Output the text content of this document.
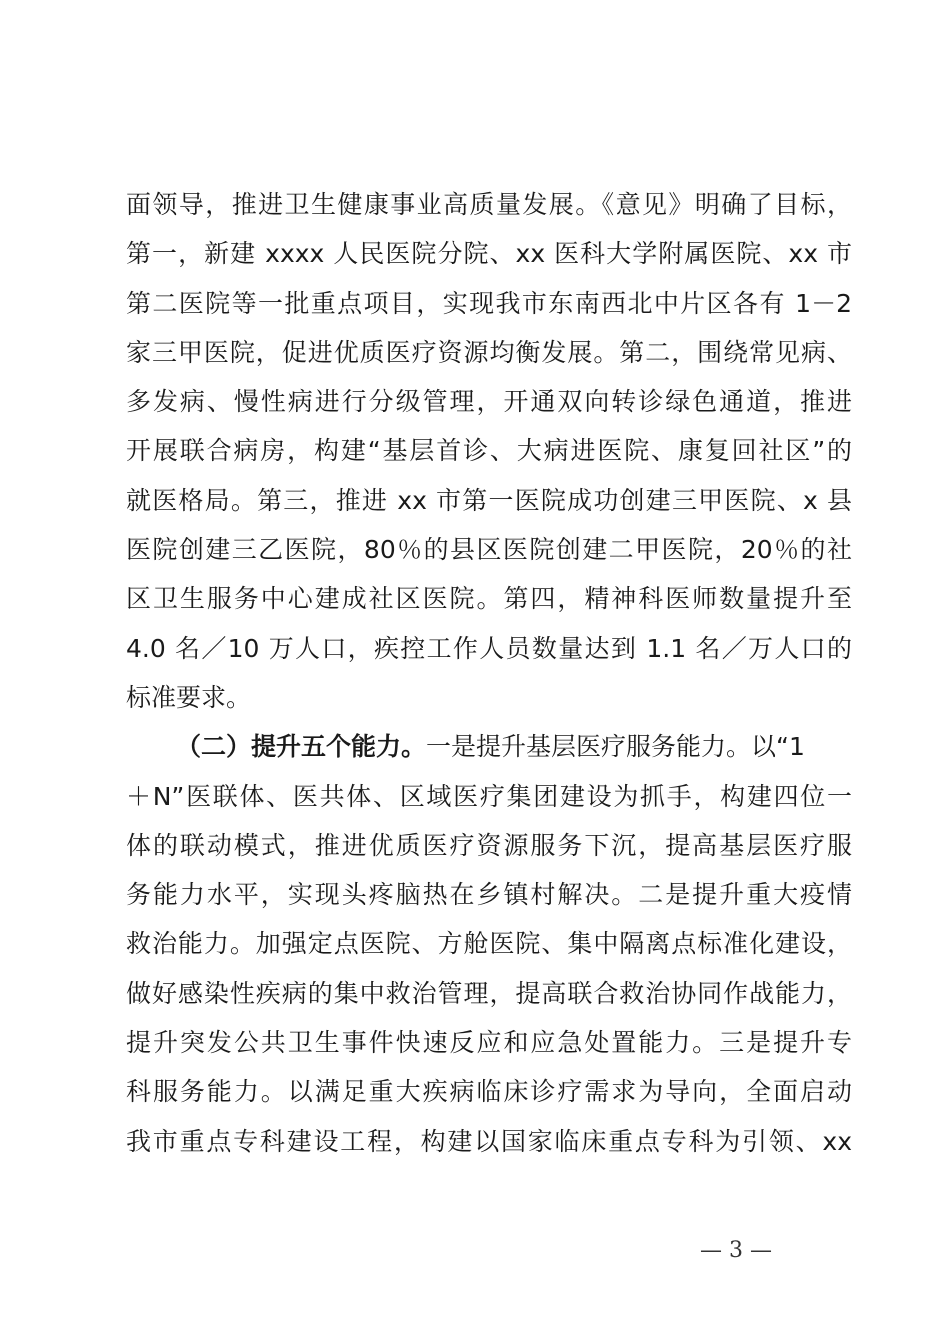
面领导，推进卫生健康事业高质量发展。《意见》明确了目标，
第一，新建 xxxx 人民医院分院、xx 医科大学附属医院、xx 市
第二医院等一批重点项目，实现我市东南西北中片区各有 1－2
家三甲医院，促进优质医疗资源均衡发展。第二，围绕常见病、
多发病、慢性病进行分级管理，开通双向转诊绿色通道，推进
开展联合病房，构建“基层首诊、大病进医院、康复回社区”的
就医格局。第三，推进 xx 市第一医院成功创建三甲医院、x 县
医院创建三乙医院，80％的县区医院创建二甲医院，20％的社
区卫生服务中心建成社区医院。第四，精神科医师数量提升至
4.0 名／10 万人口，疾控工作人员数量达到 1.1 名／万人口的
标准要求。
（二）提升五个能力。一是提升基层医疗服务能力。以“1
＋N”医联体、医共体、区域医疗集团建设为抓手，构建四位一
体的联动模式，推进优质医疗资源服务下沉，提高基层医疗服
务能力水平，实现头疼脑热在乡镇村解决。二是提升重大疫情
救治能力。加强定点医院、方舱医院、集中隔离点标准化建设，
做好感染性疾病的集中救治管理，提高联合救治协同作战能力，
提升突发公共卫生事件快速反应和应急处置能力。三是提升专
科服务能力。以满足重大疾病临床诊疗需求为导向，全面启动
我市重点专科建设工程，构建以国家临床重点专科为引领、xx
— 3 —
